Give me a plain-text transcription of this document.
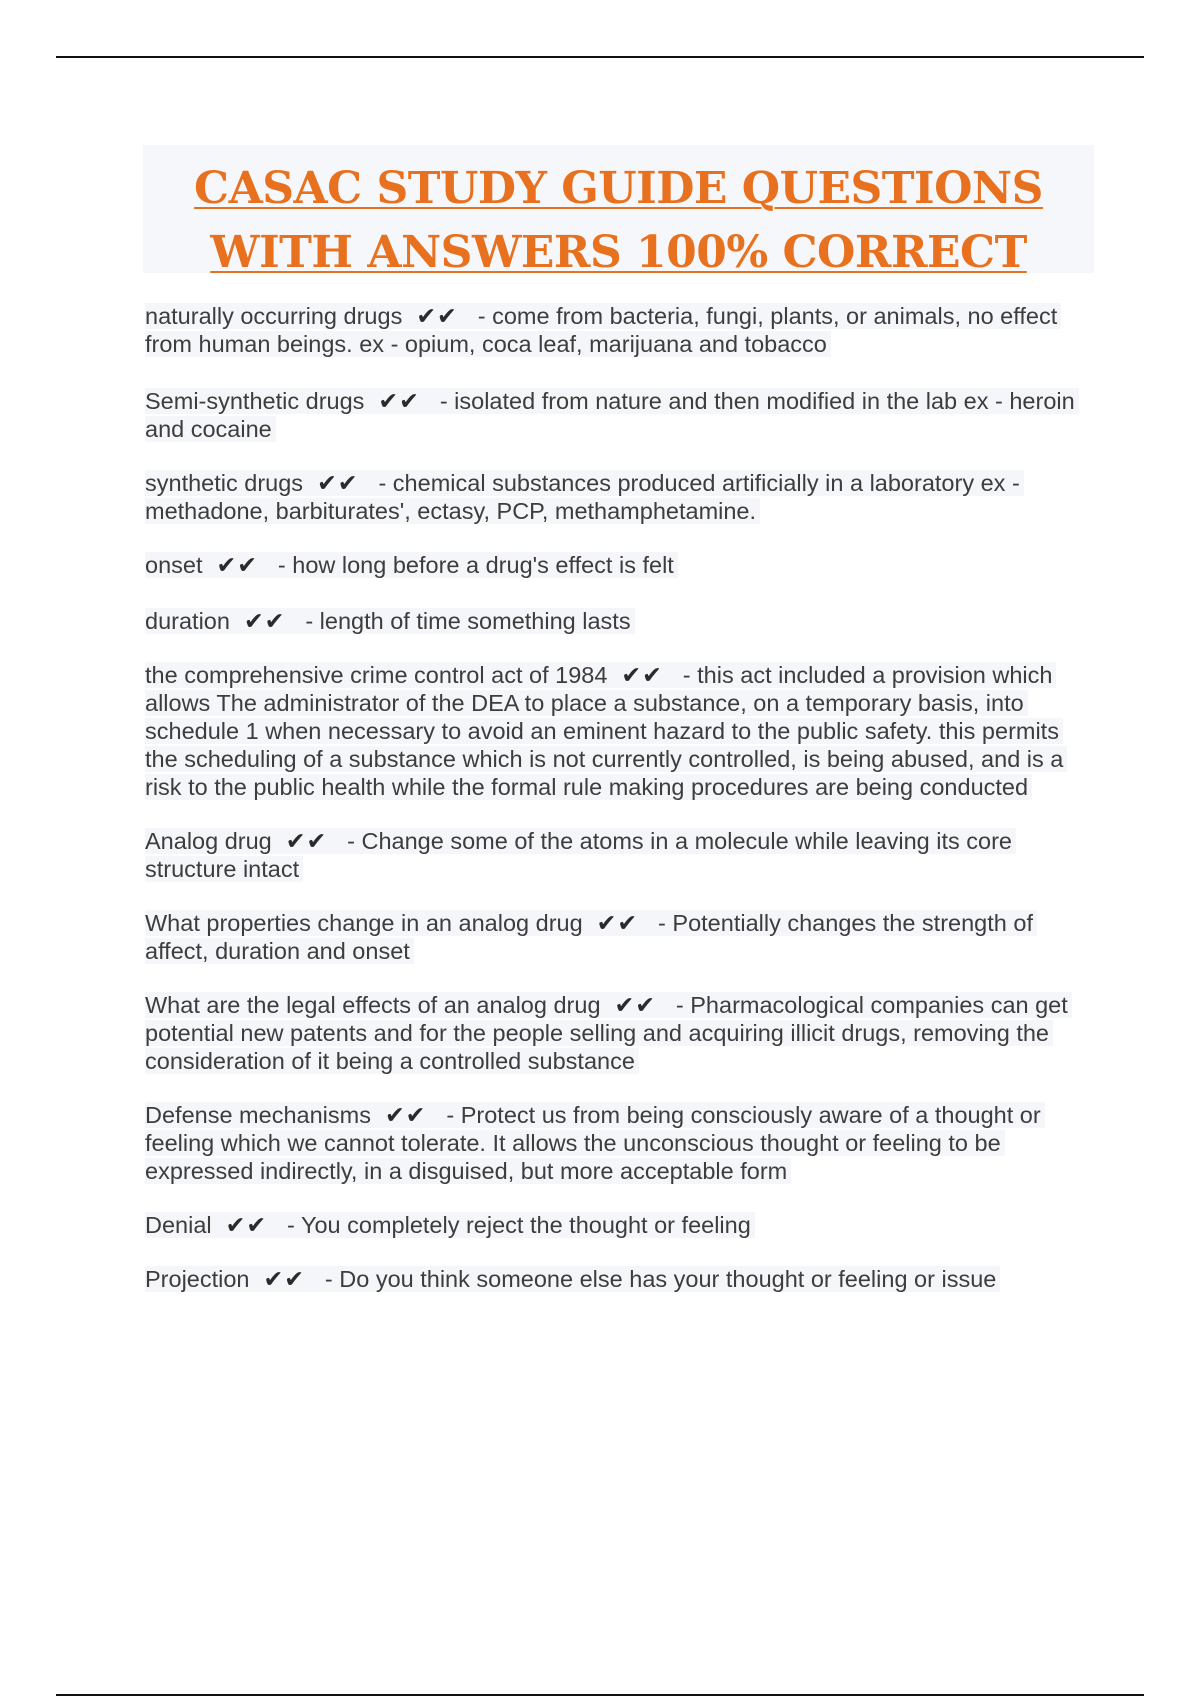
CASAC STUDY GUIDE QUESTIONS WITH ANSWERS 100% CORRECT
naturally occurring drugs ✔✔ - come from bacteria, fungi, plants, or animals, no effect from human beings. ex - opium, coca leaf, marijuana and tobacco
Semi-synthetic drugs ✔✔ - isolated from nature and then modified in the lab ex - heroin and cocaine
synthetic drugs ✔✔ - chemical substances produced artificially in a laboratory ex - methadone, barbiturates', ectasy, PCP, methamphetamine.
onset ✔✔ - how long before a drug's effect is felt
duration ✔✔ - length of time something lasts
the comprehensive crime control act of 1984 ✔✔ - this act included a provision which allows The administrator of the DEA to place a substance, on a temporary basis, into schedule 1 when necessary to avoid an eminent hazard to the public safety. this permits the scheduling of a substance which is not currently controlled, is being abused, and is a risk to the public health while the formal rule making procedures are being conducted
Analog drug ✔✔ - Change some of the atoms in a molecule while leaving its core structure intact
What properties change in an analog drug ✔✔ - Potentially changes the strength of affect, duration and onset
What are the legal effects of an analog drug ✔✔ - Pharmacological companies can get potential new patents and for the people selling and acquiring illicit drugs, removing the consideration of it being a controlled substance
Defense mechanisms ✔✔ - Protect us from being consciously aware of a thought or feeling which we cannot tolerate. It allows the unconscious thought or feeling to be expressed indirectly, in a disguised, but more acceptable form
Denial ✔✔ - You completely reject the thought or feeling
Projection ✔✔ - Do you think someone else has your thought or feeling or issue
